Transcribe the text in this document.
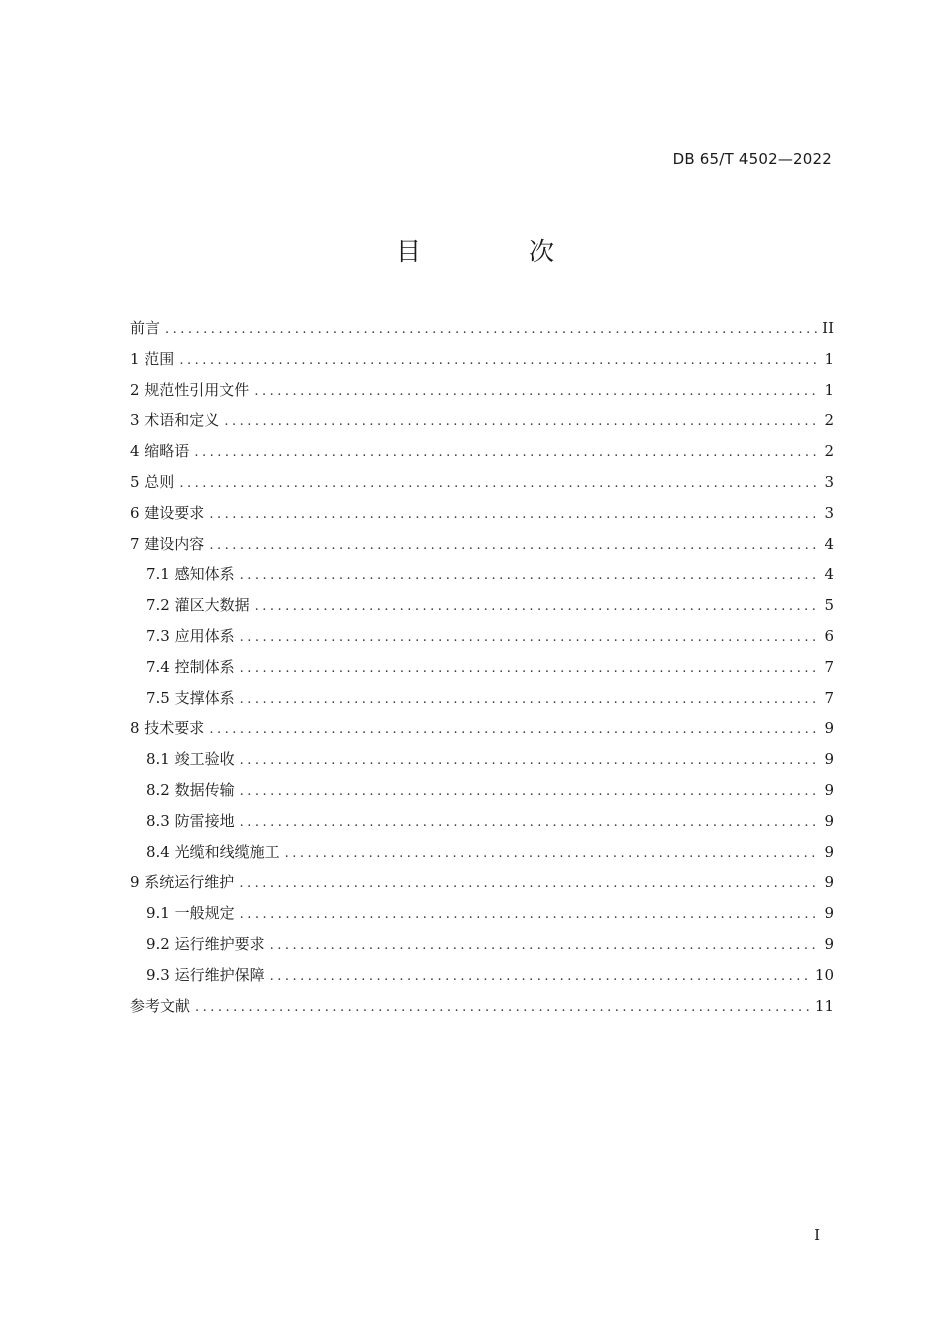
DB 65/T 4502—2022
目 次
前言 .....	II
1 范围 .....	1
2 规范性引用文件 .....	1
3 术语和定义 .....	2
4 缩略语 .....	2
5 总则 .....	3
6 建设要求 .....	3
7 建设内容 .....	4
7.1 感知体系 .....	4
7.2 灌区大数据 .....	5
7.3 应用体系 .....	6
7.4 控制体系 .....	7
7.5 支撑体系 .....	7
8 技术要求 .....	9
8.1 竣工验收 .....	9
8.2 数据传输 .....	9
8.3 防雷接地 .....	9
8.4 光缆和线缆施工 .....	9
9 系统运行维护 .....	9
9.1 一般规定 .....	9
9.2 运行维护要求 .....	9
9.3 运行维护保障 .....	10
参考文献 .....	11
I
